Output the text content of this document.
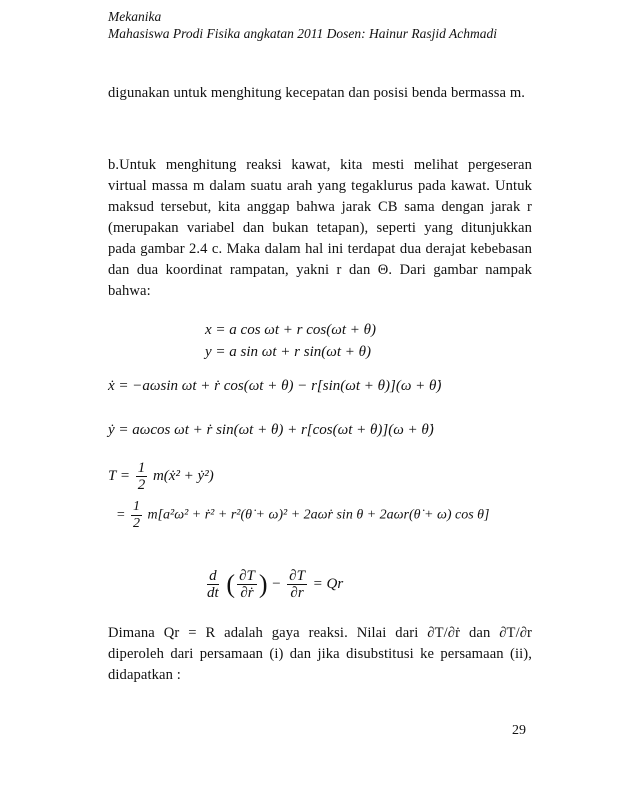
Mekanika
Mahasiswa Prodi Fisika angkatan 2011 Dosen: Hainur Rasjid Achmadi
digunakan untuk menghitung kecepatan dan posisi benda bermassa m.
b.Untuk menghitung reaksi kawat, kita mesti melihat pergeseran virtual massa m dalam suatu arah yang tegaklurus pada kawat. Untuk maksud tersebut, kita anggap bahwa jarak CB sama dengan jarak r (merupakan variabel dan bukan tetapan), seperti yang ditunjukkan pada gambar 2.4 c. Maka dalam hal ini terdapat dua derajat kebebasan dan dua koordinat rampatan, yakni r dan Θ. Dari gambar nampak bahwa:
x = a cos ωt + r cos(ωt + θ)
y = a sin ωt + r sin(ωt + θ)
ẋ = −aωsin ωt + ṙ cos(ωt + θ) − r[sin(ωt + θ)](ω + θ̇)
ẏ = aωcos ωt + ṙ sin(ωt + θ) + r[cos(ωt + θ)](ω + θ̇)
$T = \frac{1}{2}$ m(ẋ² + ẏ²)
= $\frac{1}{2} m[a^2\omega^2$ + ṙ² + r²(θ̇ + ω)² + 2aωṙ sin θ + 2aωr(θ̇ + ω) cos θ]
$\frac{d}{dt}$ ( $\frac{\partial T}{\text{∂ṙ}}$ ) − $\frac{\partial T}{\partial r} = Qr$
Dimana Qr = R adalah gaya reaksi. Nilai dari ∂T/∂ṙ dan ∂T/∂r diperoleh dari persamaan (i) dan jika disubstitusi ke persamaan (ii), didapatkan :
29
